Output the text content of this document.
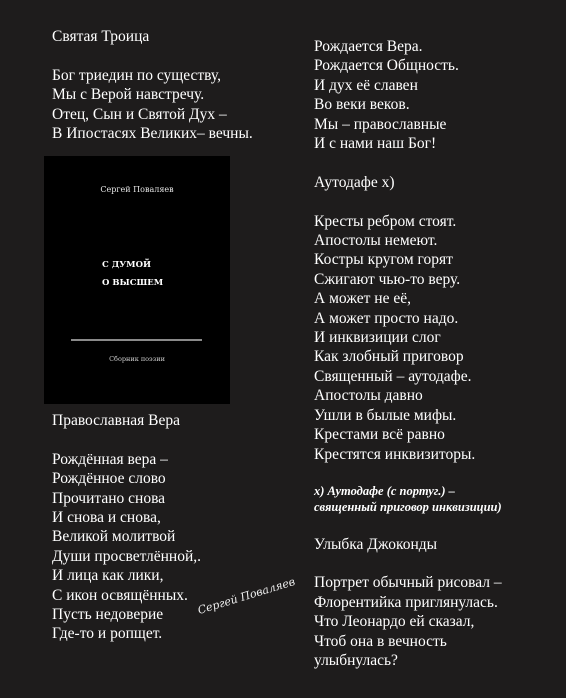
Святая Троица
Бог триедин по существу,
Мы с Верой навстречу.
Отец, Сын и Святой Дух –
В Ипостасях Великих– вечны.
Сергей Поваляев
С ДУМОЙ
О ВЫСШЕМ
Сборник поэзии
Православная Вера
Рождённая вера –
Рождённое слово
Прочитано снова
И снова и снова,
Великой молитвой
Души просветлённой,.
И лица как лики,
С икон освящённых.
Пусть недоверие
Где-то и ропщет.
Рождается Вера.
Рождается Общность.
И дух её славен
Во веки веков.
Мы – православные
И с нами наш Бог!
Аутодафе х)
Кресты ребром стоят.
Апостолы немеют.
Костры кругом горят
Сжигают чью-то веру.
А может не её,
А может просто надо.
И инквизиции слог
Как злобный приговор
Священный – аутодафе.
Апостолы давно
Ушли в былые мифы.
Крестами всё равно
Крестятся инквизиторы.
х) Аутодафе (с португ.) –
священный приговор инквизиции)
Улыбка Джоконды
Портрет обычный рисовал –
Флорентийка приглянулась.
Что Леонардо ей сказал,
Чтоб она в вечность
улыбнулась?
Сергей Поваляев
